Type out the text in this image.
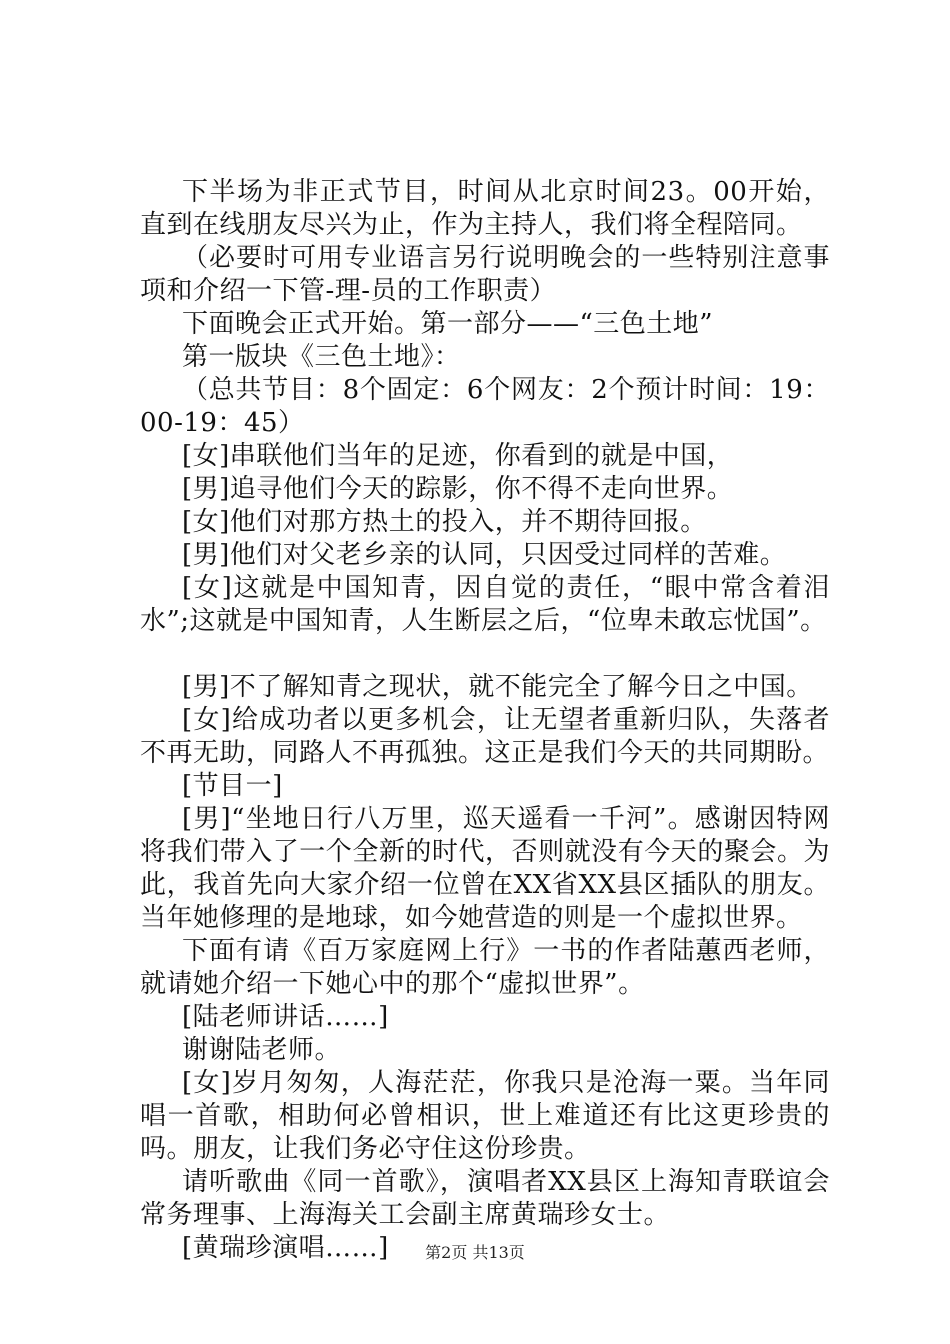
下半场为非正式节目，时间从北京时间23。00开始，直到在线朋友尽兴为止，作为主持人，我们将全程陪同。

（必要时可用专业语言另行说明晚会的一些特别注意事项和介绍一下管-理-员的工作职责）

下面晚会正式开始。第一部分——“三色土地”

第一版块《三色土地》：

（总共节目：8个固定：6个网友：2个预计时间：19：00-19：45）

[女]串联他们当年的足迹，你看到的就是中国，

[男]追寻他们今天的踪影，你不得不走向世界。

[女]他们对那方热土的投入，并不期待回报。

[男]他们对父老乡亲的认同，只因受过同样的苦难。

[女]这就是中国知青，因自觉的责任，“眼中常含着泪水”;这就是中国知青，人生断层之后，“位卑未敢忘忧国”。

[男]不了解知青之现状，就不能完全了解今日之中国。

[女]给成功者以更多机会，让无望者重新归队，失落者不再无助，同路人不再孤独。这正是我们今天的共同期盼。

[节目一]

[男]“坐地日行八万里，巡天遥看一千河”。感谢因特网将我们带入了一个全新的时代，否则就没有今天的聚会。为此，我首先向大家介绍一位曾在XX省XX县区插队的朋友。当年她修理的是地球，如今她营造的则是一个虚拟世界。

下面有请《百万家庭网上行》一书的作者陆蕙西老师，就请她介绍一下她心中的那个“虚拟世界”。

[陆老师讲话……]

谢谢陆老师。

[女]岁月匆匆，人海茫茫，你我只是沧海一粟。当年同唱一首歌，相助何必曾相识，世上难道还有比这更珍贵的吗。朋友，让我们务必守住这份珍贵。

请听歌曲《同一首歌》，演唱者XX县区上海知青联谊会常务理事、上海海关工会副主席黄瑞珍女士。

[黄瑞珍演唱……]	第2页 共13页
